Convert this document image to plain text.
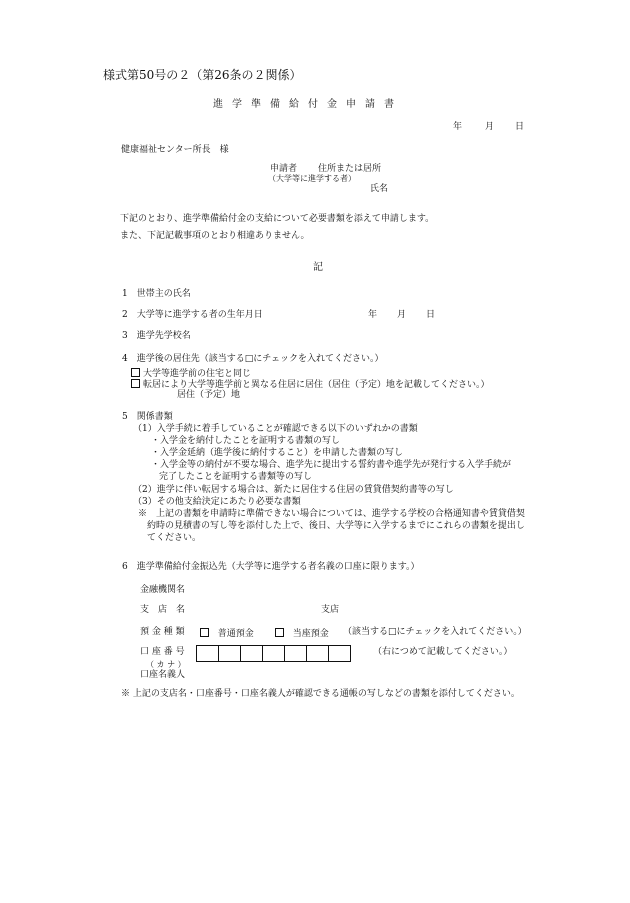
様式第50号の２（第26条の２関係）
進学準備給付金申請書
年	月 日
健康福祉センター所長　様
申請者 住所または居所
（大学等に進学する者）
氏名
下記のとおり、進学準備給付金の支給について必要書類を添えて申請します。
また、下記記載事項のとおり相違ありません。
記
1　世帯主の氏名
2　大学等に進学する者の生年月日	年 月 日
3　進学先学校名
4　進学後の居住先（該当する□にチェックを入れてください。）
大学等進学前の住宅と同じ
転居により大学等進学前と異なる住居に居住（居住（予定）地を記載してください。）
居住（予定）地
5　関係書類
（1）入学手続に着手していることが確認できる以下のいずれかの書類
・入学金を納付したことを証明する書類の写し
・入学金延納（進学後に納付すること）を申請した書類の写し
・入学金等の納付が不要な場合、進学先に提出する誓約書や進学先が発行する入学手続が
完了したことを証明する書類等の写し
（2）進学に伴い転居する場合は、新たに居住する住居の賃貸借契約書等の写し
（3）その他支給決定にあたり必要な書類
※　上記の書類を申請時に準備できない場合については、進学する学校の合格通知書や賃貸借契
約時の見積書の写し等を添付した上で、後日、大学等に入学するまでにこれらの書類を提出し
てください。
6　進学準備給付金振込先（大学等に進学する者名義の口座に限ります。）
金融機関名
支　店　名	支店
預 金 種 類	普通預金	当座預金 （該当する□にチェックを入れてください。）
口 座 番 号	（右につめて記載してください。）
（ カ ナ ）
口座名義人
※ 上記の支店名・口座番号・口座名義人が確認できる通帳の写しなどの書類を添付してください。
